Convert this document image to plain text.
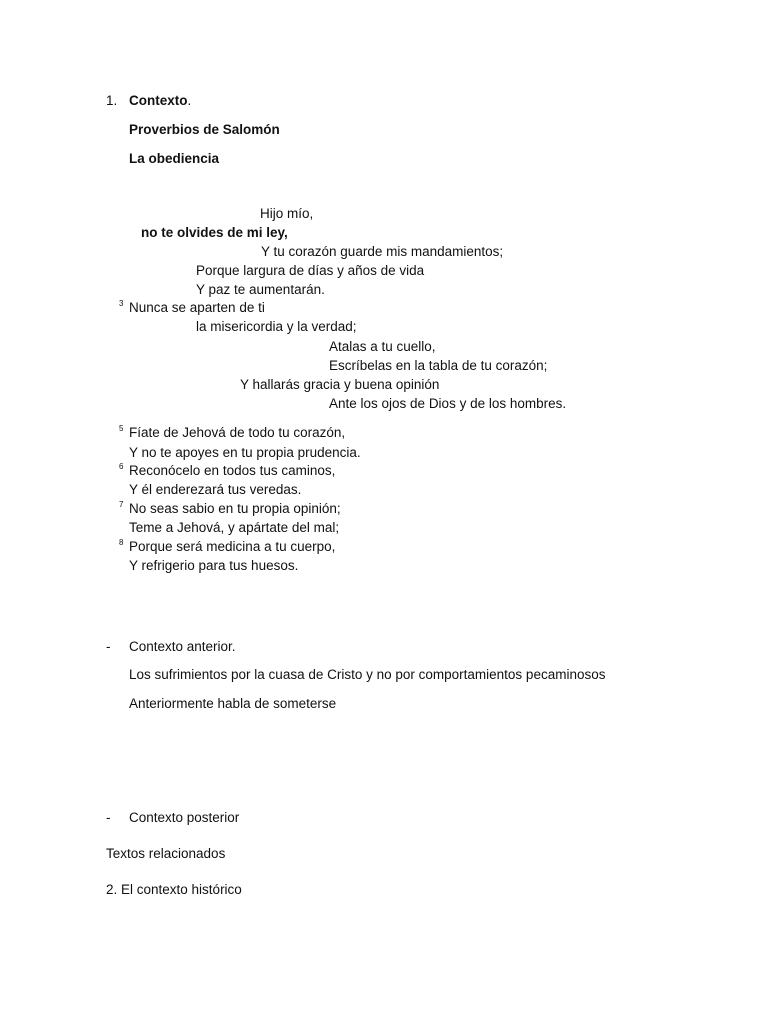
1. Contexto.
Proverbios de Salomón
La obediencia
Hijo mío,
no te olvides de mi ley,
Y tu corazón guarde mis mandamientos;
Porque largura de días y años de vida
Y paz te aumentarán.
3 Nunca se aparten de ti
la misericordia y la verdad;
Atalas a tu cuello,
Escríbelas en la tabla de tu corazón;
Y hallarás gracia y buena opinión
Ante los ojos de Dios y de los hombres.
5 Fíate de Jehová de todo tu corazón,
Y no te apoyes en tu propia prudencia.
6 Reconócelo en todos tus caminos,
Y él enderezará tus veredas.
7 No seas sabio en tu propia opinión;
Teme a Jehová, y apártate del mal;
8 Porque será medicina a tu cuerpo,
Y refrigerio para tus huesos.
- Contexto anterior.
Los sufrimientos por la cuasa de Cristo y no por comportamientos pecaminosos
Anteriormente habla de someterse
- Contexto posterior
Textos relacionados
2. El contexto histórico
